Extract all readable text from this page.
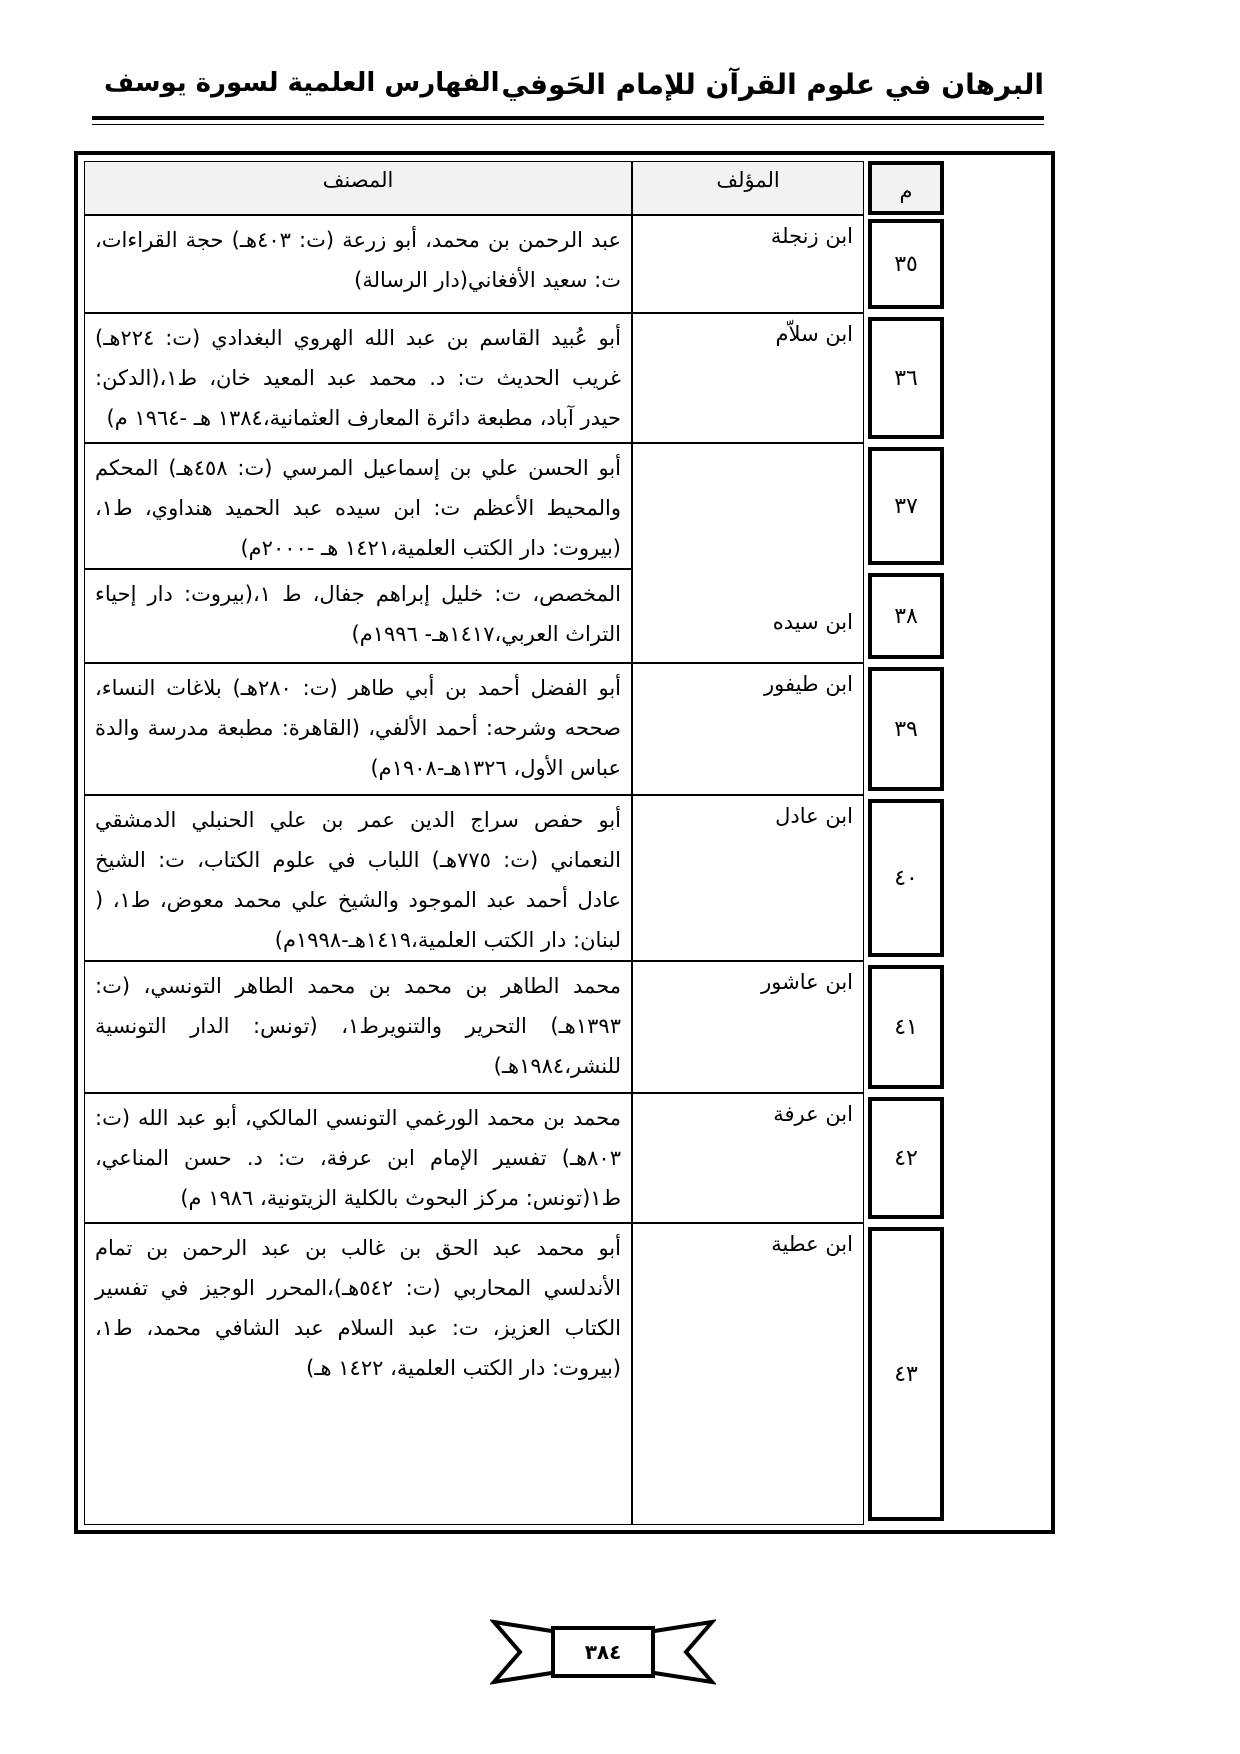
البرهان في علوم القرآن للإمام الحَوفي
الفهارس العلمية لسورة يوسف
م
المؤلف
المصنف
٣٥
ابن زنجلة
عبد الرحمن بن محمد، أبو زرعة (ت: ٤٠٣هـ) حجة القراءات، ت: سعيد الأفغاني(دار الرسالة)
٣٦
ابن سلاّم
أبو عُبيد القاسم بن عبد الله الهروي البغدادي (ت: ٢٢٤هـ) غريب الحديث ت: د. محمد عبد المعيد خان، ط١،(الدكن: حيدر آباد، مطبعة دائرة المعارف العثمانية،١٣٨٤ هـ -١٩٦٤ م)
٣٧
أبو الحسن علي بن إسماعيل المرسي (ت: ٤٥٨هـ) المحكم والمحيط الأعظم ت: ابن سيده عبد الحميد هنداوي، ط١، (بيروت: دار الكتب العلمية،١٤٢١ هـ -٢٠٠٠م)
ابن سيده	٣٨
المخصص، ت: خليل إبراهم جفال، ط ١،(بيروت: دار إحياء التراث العربي،١٤١٧هـ- ١٩٩٦م)
٣٩
ابن طيفور
أبو الفضل أحمد بن أبي طاهر (ت: ٢٨٠هـ) بلاغات النساء، صححه وشرحه: أحمد الألفي، (القاهرة: مطبعة مدرسة والدة عباس الأول، ١٣٢٦هـ-١٩٠٨م)
٤٠
ابن عادل
أبو حفص سراج الدين عمر بن علي الحنبلي الدمشقي النعماني (ت: ٧٧٥هـ) اللباب في علوم الكتاب، ت: الشيخ عادل أحمد عبد الموجود والشيخ علي محمد معوض، ط١، ( لبنان: دار الكتب العلمية،١٤١٩هـ-١٩٩٨م)
٤١
ابن عاشور
محمد الطاهر بن محمد بن محمد الطاهر التونسي، (ت: ١٣٩٣هـ) التحرير والتنويرط١، (تونس: الدار التونسية للنشر،١٩٨٤هـ)
٤٢
ابن عرفة
محمد بن محمد الورغمي التونسي المالكي، أبو عبد الله (ت: ٨٠٣هـ) تفسير الإمام ابن عرفة، ت: د. حسن المناعي، ط١(تونس: مركز البحوث بالكلية الزيتونية، ١٩٨٦ م)
٤٣
ابن عطية
أبو محمد عبد الحق بن غالب بن عبد الرحمن بن تمام الأندلسي المحاربي (ت: ٥٤٢هـ)،المحرر الوجيز في تفسير الكتاب العزيز، ت: عبد السلام عبد الشافي محمد، ط١، (بيروت: دار الكتب العلمية، ١٤٢٢ هـ)
٣٨٤
